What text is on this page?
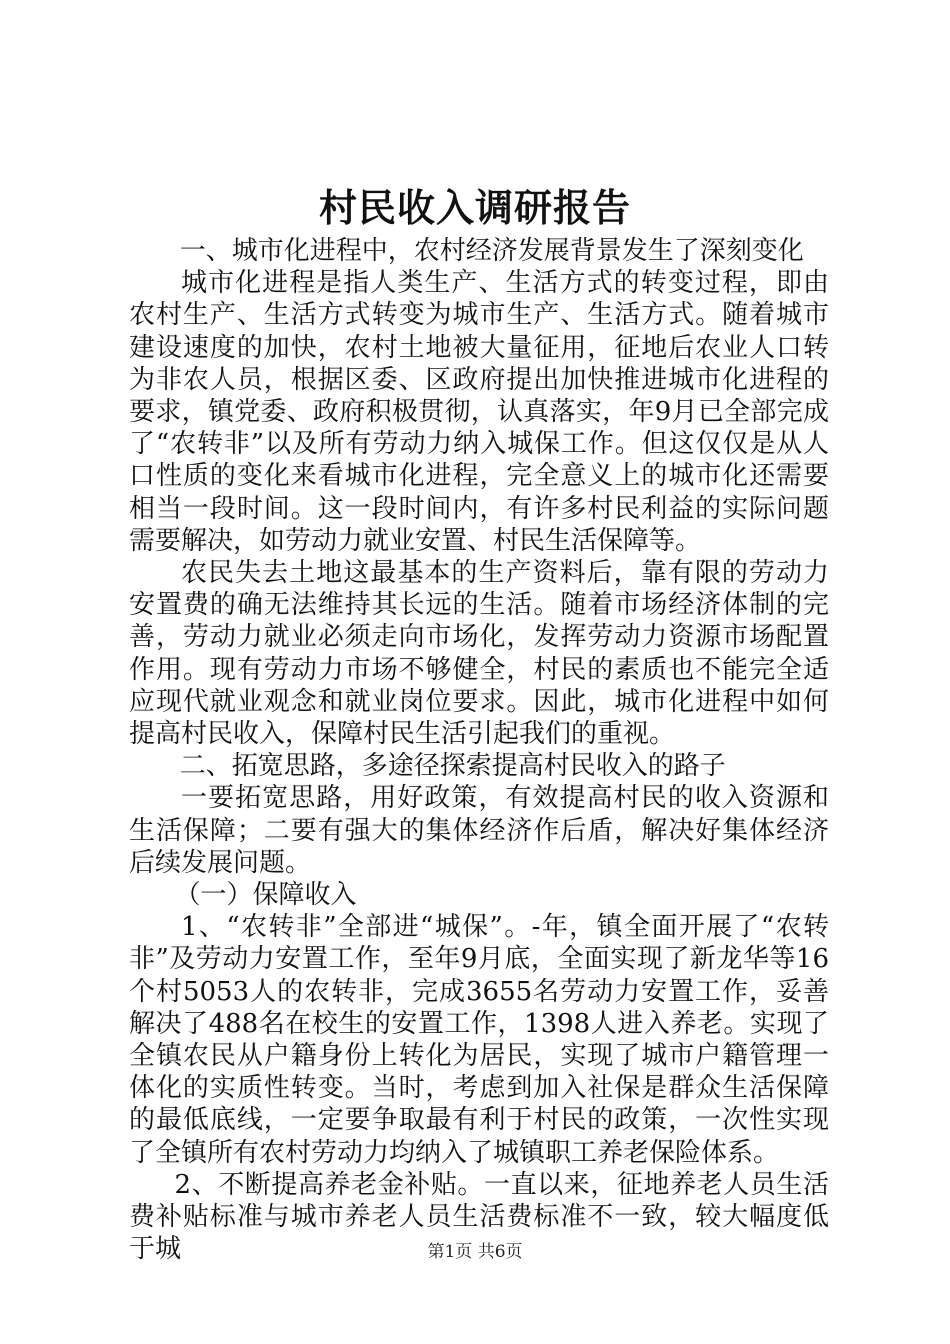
村民收入调研报告

一、城市化进程中，农村经济发展背景发生了深刻变化

城市化进程是指人类生产、生活方式的转变过程，即由农村生产、生活方式转变为城市生产、生活方式。随着城市建设速度的加快，农村土地被大量征用，征地后农业人口转为非农人员，根据区委、区政府提出加快推进城市化进程的要求，镇党委、政府积极贯彻，认真落实，年9月已全部完成了“农转非”以及所有劳动力纳入城保工作。但这仅仅是从人口性质的变化来看城市化进程，完全意义上的城市化还需要相当一段时间。这一段时间内，有许多村民利益的实际问题需要解决，如劳动力就业安置、村民生活保障等。

农民失去土地这最基本的生产资料后，靠有限的劳动力安置费的确无法维持其长远的生活。随着市场经济体制的完善，劳动力就业必须走向市场化，发挥劳动力资源市场配置作用。现有劳动力市场不够健全，村民的素质也不能完全适应现代就业观念和就业岗位要求。因此，城市化进程中如何提高村民收入，保障村民生活引起我们的重视。

二、拓宽思路，多途径探索提高村民收入的路子

一要拓宽思路，用好政策，有效提高村民的收入资源和生活保障；二要有强大的集体经济作后盾，解决好集体经济后续发展问题。

（一）保障收入

1、“农转非”全部进“城保”。-年，镇全面开展了“农转非”及劳动力安置工作，至年9月底，全面实现了新龙华等16个村5053人的农转非，完成3655名劳动力安置工作，妥善解决了488名在校生的安置工作，1398人进入养老。实现了全镇农民从户籍身份上转化为居民，实现了城市户籍管理一体化的实质性转变。当时，考虑到加入社保是群众生活保障的最低底线，一定要争取最有利于村民的政策，一次性实现了全镇所有农村劳动力均纳入了城镇职工养老保险体系。

2、不断提高养老金补贴。一直以来，征地养老人员生活费补贴标准与城市养老人员生活费标准不一致，较大幅度低于城	第1页 共6页
